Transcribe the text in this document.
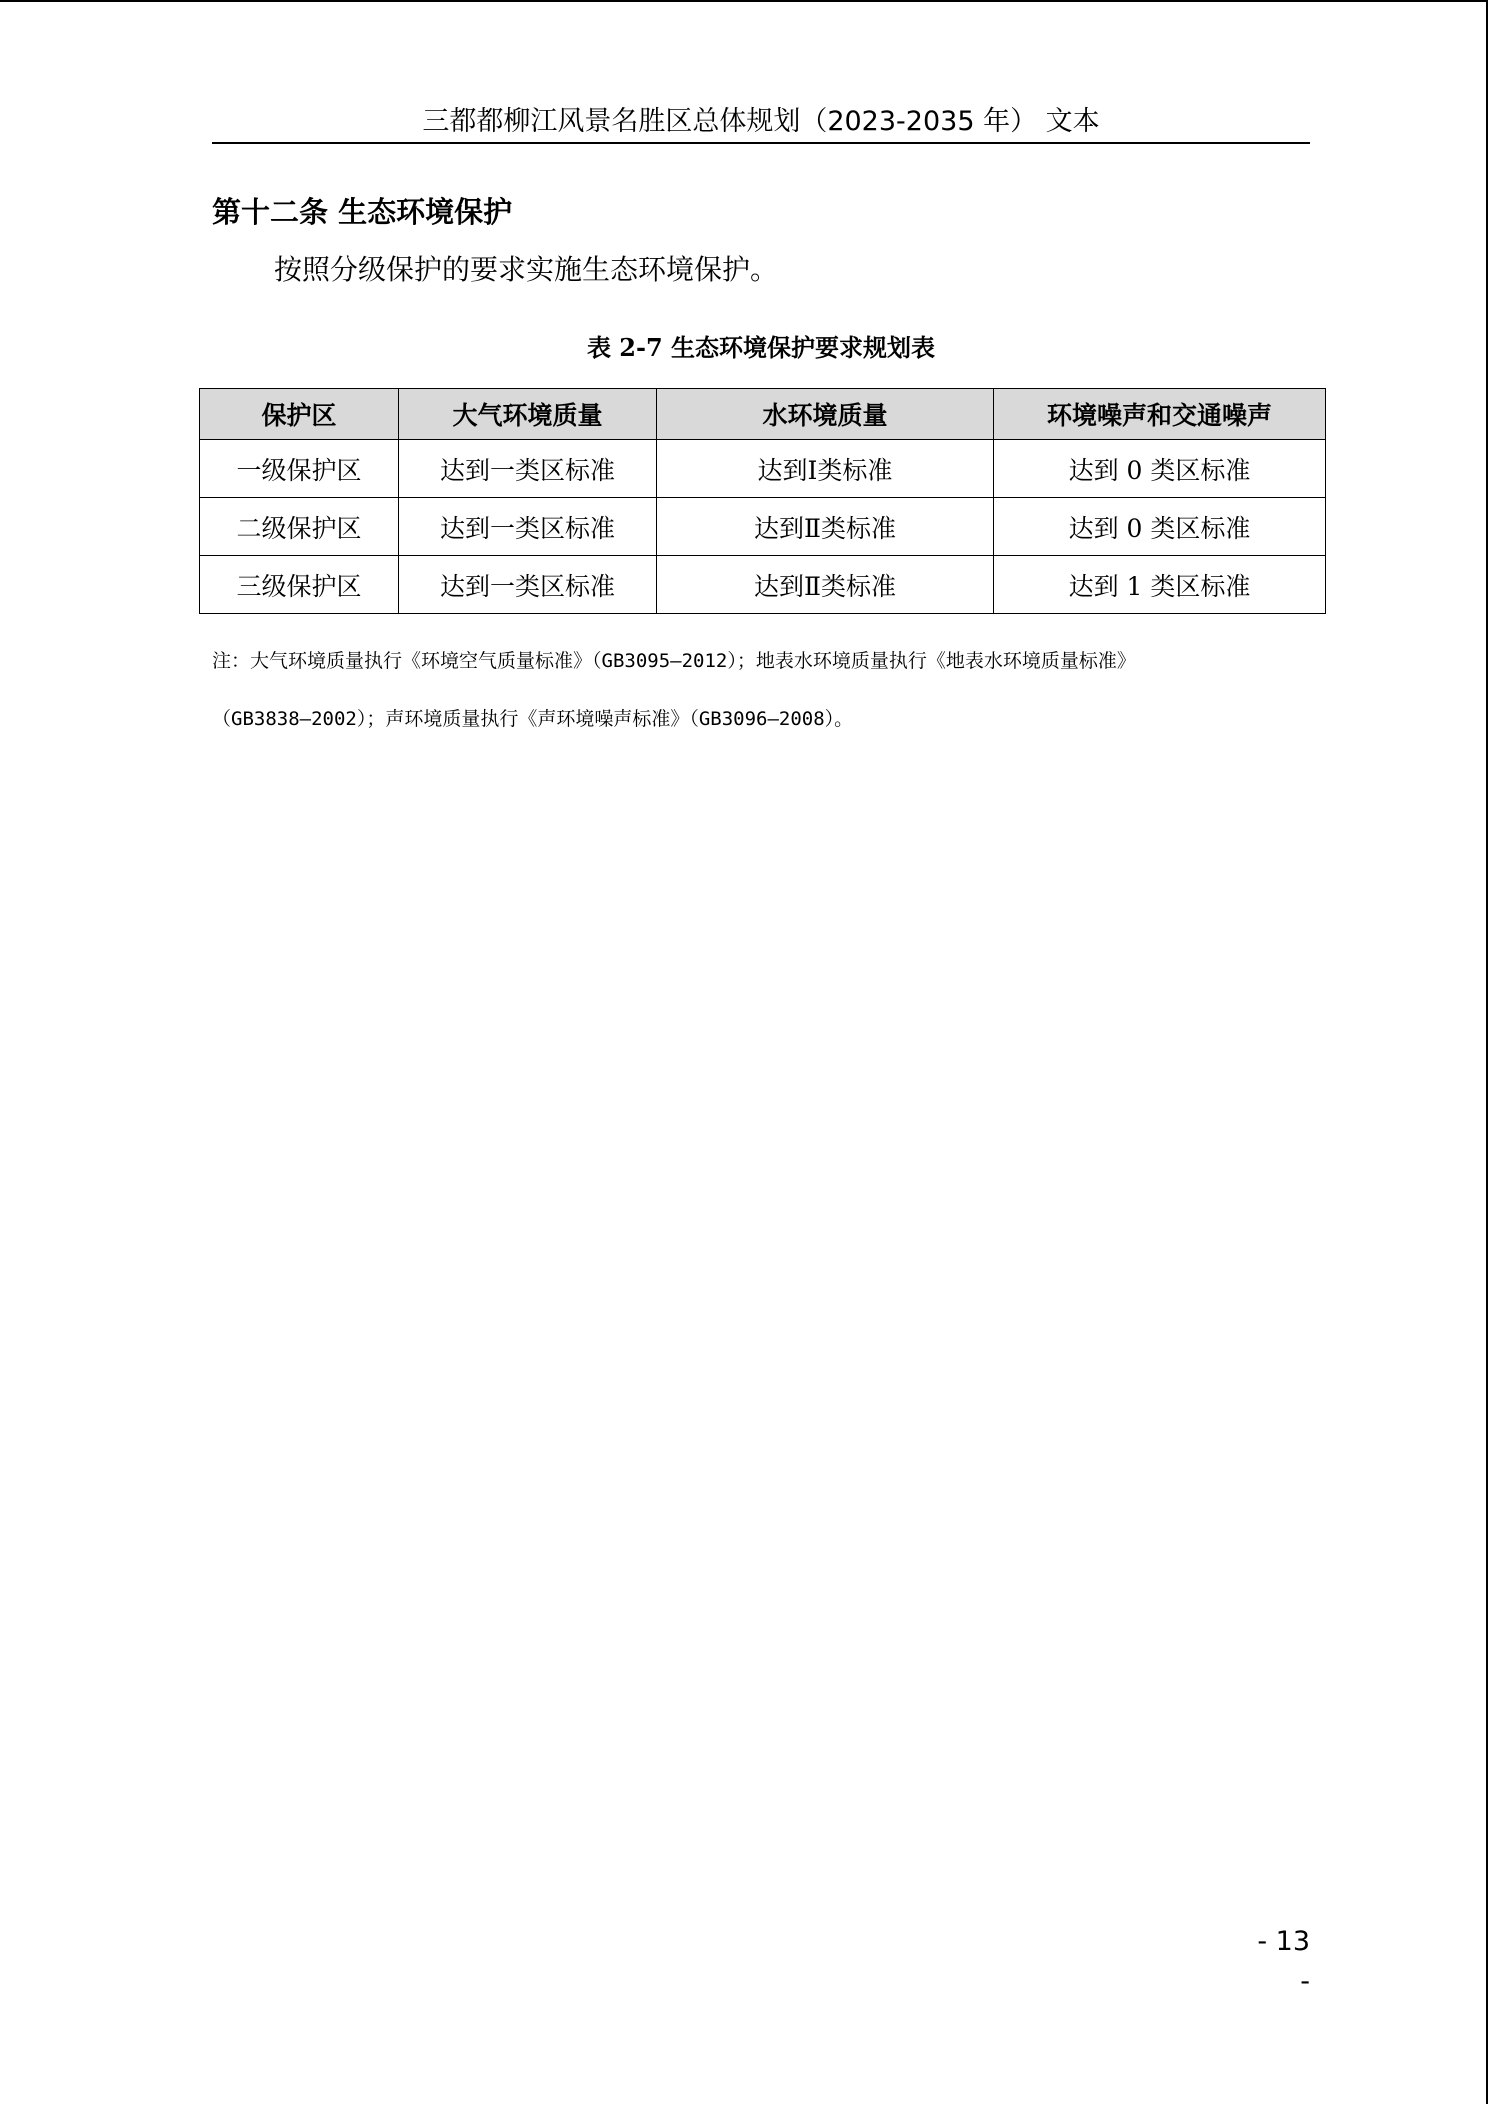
三都都柳江风景名胜区总体规划（2023-2035 年） 文本
第十二条 生态环境保护
按照分级保护的要求实施生态环境保护。
表 2-7 生态环境保护要求规划表
保护区	大气环境质量	水环境质量	环境噪声和交通噪声
一级保护区	达到一类区标准	达到Ⅰ类标准	达到 0 类区标准
二级保护区	达到一类区标准	达到Ⅱ类标准	达到 0 类区标准
三级保护区	达到一类区标准	达到Ⅱ类标准	达到 1 类区标准

注：大气环境质量执行《环境空气质量标准》（GB3095—2012）；地表水环境质量执行《地表水环境质量标准》

（GB3838—2002）；声环境质量执行《声环境噪声标准》（GB3096—2008）。

- 13 -
